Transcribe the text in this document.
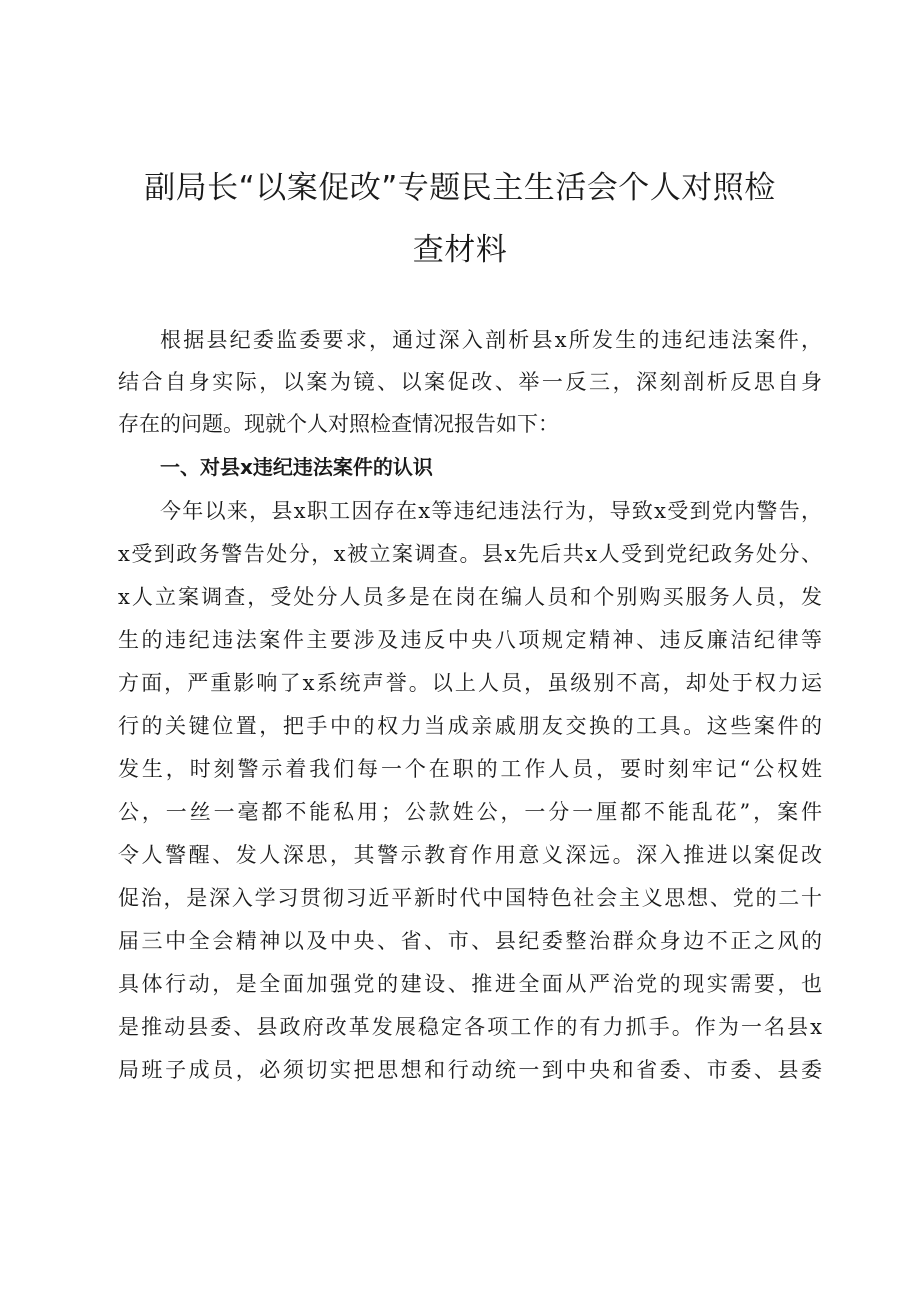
副局长“以案促改”专题民主生活会个人对照检
查材料
根据县纪委监委要求，通过深入剖析县x所发生的违纪违法案件，
结合自身实际，以案为镜、以案促改、举一反三，深刻剖析反思自身
存在的问题。现就个人对照检查情况报告如下：
一、对县x违纪违法案件的认识
今年以来，县x职工因存在x等违纪违法行为，导致x受到党内警告，
x受到政务警告处分，x被立案调查。县x先后共x人受到党纪政务处分、
x人立案调查，受处分人员多是在岗在编人员和个别购买服务人员，发
生的违纪违法案件主要涉及违反中央八项规定精神、违反廉洁纪律等
方面，严重影响了x系统声誉。以上人员，虽级别不高，却处于权力运
行的关键位置，把手中的权力当成亲戚朋友交换的工具。这些案件的
发生，时刻警示着我们每一个在职的工作人员，要时刻牢记“公权姓
公，一丝一毫都不能私用；公款姓公，一分一厘都不能乱花”，案件
令人警醒、发人深思，其警示教育作用意义深远。深入推进以案促改
促治，是深入学习贯彻习近平新时代中国特色社会主义思想、党的二十
届三中全会精神以及中央、省、市、县纪委整治群众身边不正之风的
具体行动，是全面加强党的建设、推进全面从严治党的现实需要，也
是推动县委、县政府改革发展稳定各项工作的有力抓手。作为一名县x
局班子成员，必须切实把思想和行动统一到中央和省委、市委、县委
